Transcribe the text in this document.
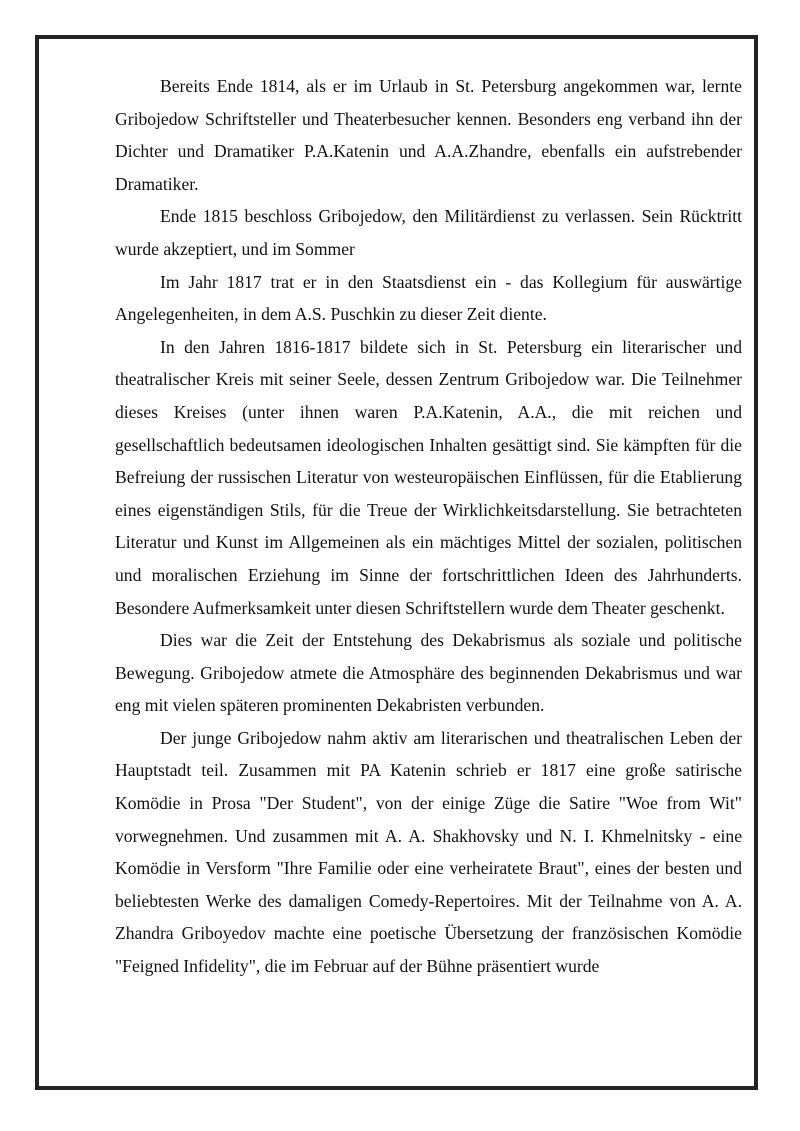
Bereits Ende 1814, als er im Urlaub in St. Petersburg angekommen war, lernte Gribojedow Schriftsteller und Theaterbesucher kennen. Besonders eng verband ihn der Dichter und Dramatiker P.A.Katenin und A.A.Zhandre, ebenfalls ein aufstrebender Dramatiker.

Ende 1815 beschloss Gribojedow, den Militärdienst zu verlassen. Sein Rücktritt wurde akzeptiert, und im Sommer

Im Jahr 1817 trat er in den Staatsdienst ein - das Kollegium für auswärtige Angelegenheiten, in dem A.S. Puschkin zu dieser Zeit diente.

In den Jahren 1816-1817 bildete sich in St. Petersburg ein literarischer und theatralischer Kreis mit seiner Seele, dessen Zentrum Gribojedow war. Die Teilnehmer dieses Kreises (unter ihnen waren P.A.Katenin, A.A., die mit reichen und gesellschaftlich bedeutsamen ideologischen Inhalten gesättigt sind. Sie kämpften für die Befreiung der russischen Literatur von westeuropäischen Einflüssen, für die Etablierung eines eigenständigen Stils, für die Treue der Wirklichkeitsdarstellung. Sie betrachteten Literatur und Kunst im Allgemeinen als ein mächtiges Mittel der sozialen, politischen und moralischen Erziehung im Sinne der fortschrittlichen Ideen des Jahrhunderts. Besondere Aufmerksamkeit unter diesen Schriftstellern wurde dem Theater geschenkt.

Dies war die Zeit der Entstehung des Dekabrismus als soziale und politische Bewegung. Gribojedow atmete die Atmosphäre des beginnenden Dekabrismus und war eng mit vielen späteren prominenten Dekabristen verbunden.

Der junge Gribojedow nahm aktiv am literarischen und theatralischen Leben der Hauptstadt teil. Zusammen mit PA Katenin schrieb er 1817 eine große satirische Komödie in Prosa "Der Student", von der einige Züge die Satire "Woe from Wit" vorwegnehmen. Und zusammen mit A. A. Shakhovsky und N. I. Khmelnitsky - eine Komödie in Versform "Ihre Familie oder eine verheiratete Braut", eines der besten und beliebtesten Werke des damaligen Comedy-Repertoires. Mit der Teilnahme von A. A. Zhandra Griboyedov machte eine poetische Übersetzung der französischen Komödie "Feigned Infidelity", die im Februar auf der Bühne präsentiert wurde
